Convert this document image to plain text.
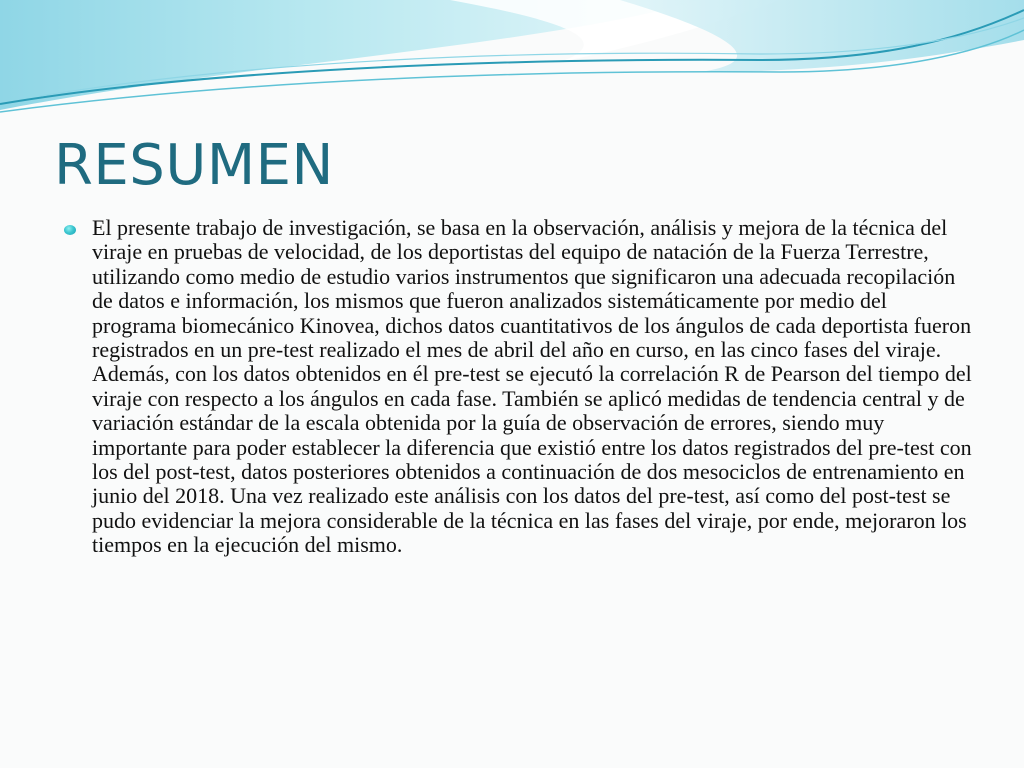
RESUMEN

El presente trabajo de investigación, se basa en la observación, análisis y mejora de la técnica del viraje en pruebas de velocidad, de los deportistas del equipo de natación de la Fuerza Terrestre, utilizando como medio de estudio varios instrumentos que significaron una adecuada recopilación de datos e información, los mismos que fueron analizados sistemáticamente por medio del programa biomecánico Kinovea, dichos datos cuantitativos de los ángulos de cada deportista fueron registrados en un pre-test realizado el mes de abril del año en curso, en las cinco fases del viraje. Además, con los datos obtenidos en él pre-test se ejecutó la correlación R de Pearson del tiempo del viraje con respecto a los ángulos en cada fase. También se aplicó medidas de tendencia central y de variación estándar de la escala obtenida por la guía de observación de errores, siendo muy importante para poder establecer la diferencia que existió entre los datos registrados del pre-test con los del post-test, datos posteriores obtenidos a continuación de dos mesociclos de entrenamiento en junio del 2018. Una vez realizado este análisis con los datos del pre-test, así como del post-test se pudo evidenciar la mejora considerable de la técnica en las fases del viraje, por ende, mejoraron los tiempos en la ejecución del mismo.
